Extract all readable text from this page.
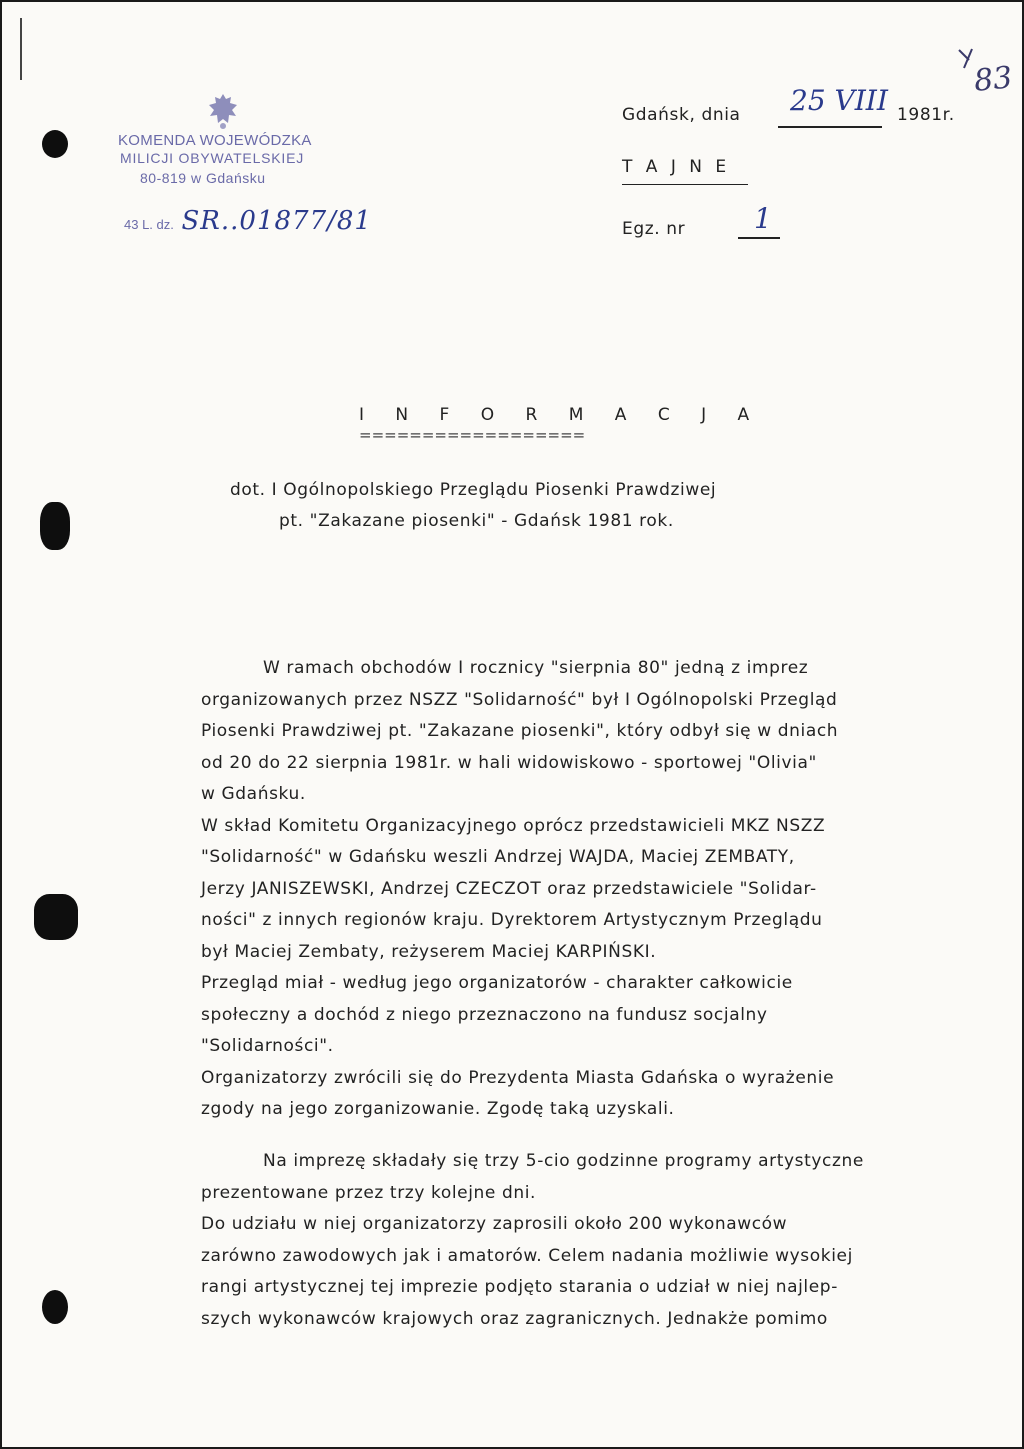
KOMENDA WOJEWÓDZKA
MILICJI OBYWATELSKIEJ
80-819 w Gdańsku
43 L. dz. SR..01877/81
83
Gdańsk, dnia 25 VIII 1981r.
T A J N E
Egz. nr 1
I N F O R M A C J A
==================
dot. I Ogólnopolskiego Przeglądu Piosenki Prawdziwej
pt. "Zakazane piosenki" - Gdańsk 1981 rok.
W ramach obchodów I rocznicy "sierpnia 80" jedną z imprez
organizowanych przez NSZZ "Solidarność" był I Ogólnopolski Przegląd
Piosenki Prawdziwej pt. "Zakazane piosenki", który odbył się w dniach
od 20 do 22 sierpnia 1981r. w hali widowiskowo - sportowej "Olivia"
w Gdańsku.
W skład Komitetu Organizacyjnego oprócz przedstawicieli MKZ NSZZ
"Solidarność" w Gdańsku weszli Andrzej WAJDA, Maciej ZEMBATY,
Jerzy JANISZEWSKI, Andrzej CZECZOT oraz przedstawiciele "Solidar-
ności" z innych regionów kraju. Dyrektorem Artystycznym Przeglądu
był Maciej Zembaty, reżyserem Maciej KARPIŃSKI.
Przegląd miał - według jego organizatorów - charakter całkowicie
społeczny a dochód z niego przeznaczono na fundusz socjalny
"Solidarności".
Organizatorzy zwrócili się do Prezydenta Miasta Gdańska o wyrażenie
zgody na jego zorganizowanie. Zgodę taką uzyskali.
Na imprezę składały się trzy 5-cio godzinne programy artystyczne
prezentowane przez trzy kolejne dni.
Do udziału w niej organizatorzy zaprosili około 200 wykonawców
zarówno zawodowych jak i amatorów. Celem nadania możliwie wysokiej
rangi artystycznej tej imprezie podjęto starania o udział w niej najlep-
szych wykonawców krajowych oraz zagranicznych. Jednakże pomimo
